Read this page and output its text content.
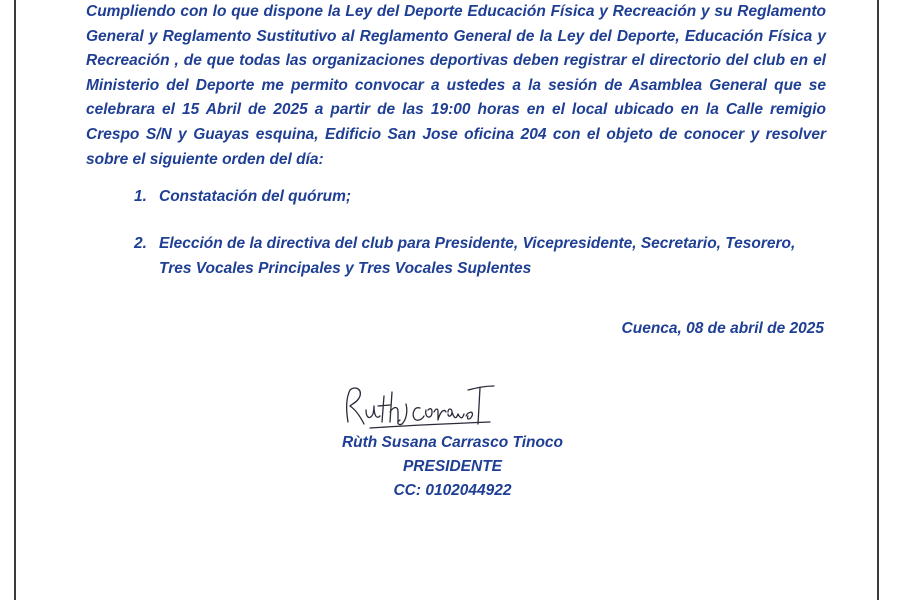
Cumpliendo con lo que dispone la Ley del Deporte Educación Física y Recreación y su Reglamento General y Reglamento Sustitutivo al Reglamento General de la Ley del Deporte, Educación Física y Recreación , de que todas las organizaciones deportivas deben registrar el directorio del club en el Ministerio del Deporte me permito convocar a ustedes a la sesión de Asamblea General que se celebrara el 15 Abril de 2025 a partir de las 19:00 horas en el local ubicado en la Calle remigio Crespo S/N y Guayas esquina, Edificio San Jose oficina 204 con el objeto de conocer y resolver sobre el siguiente orden del día:

1. Constatación del quórum;
2. Elección de la directiva del club para Presidente, Vicepresidente, Secretario, Tesorero, Tres Vocales Principales y Tres Vocales Suplentes

Cuenca, 08 de abril de 2025

Rùth Susana Carrasco Tinoco
PRESIDENTE
CC: 0102044922
